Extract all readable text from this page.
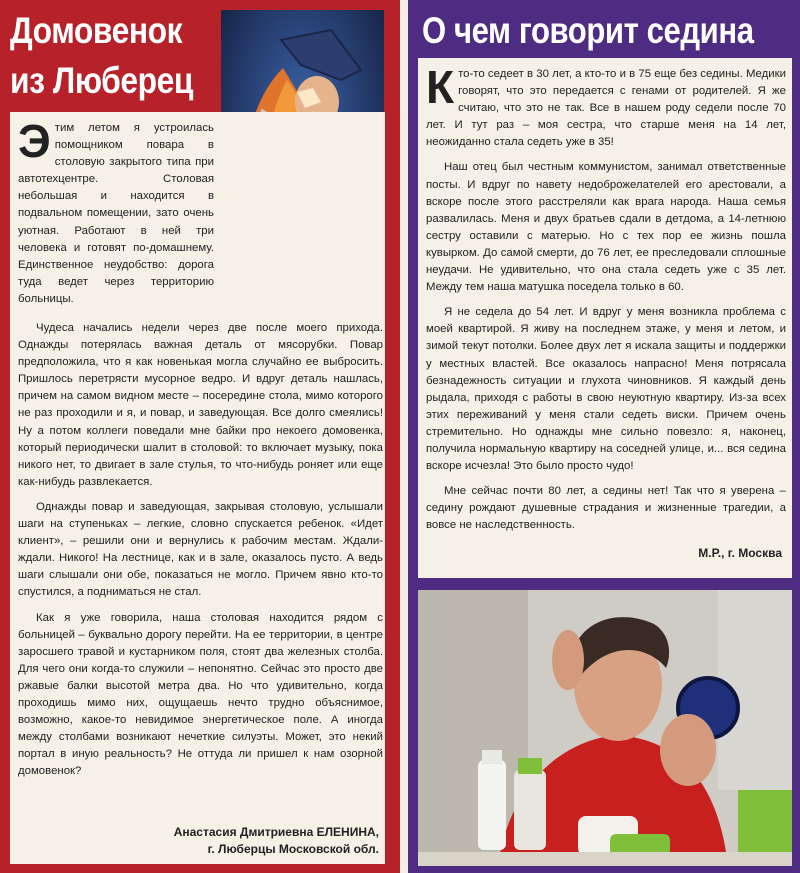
Домовенок
из Люберец
Этим летом я устроилась помощником повара в столовую закрытого типа при автотехцентре. Столовая небольшая и находится в подвальном помещении, зато очень уютная. Работают в ней три человека и готовят по-домашнему. Единственное неудобство: дорога туда ведет через территорию больницы.

Чудеса начались недели через две после моего прихода. Однажды потерялась важная деталь от мясорубки. Повар предположила, что я как новенькая могла случайно ее выбросить. Пришлось перетрясти мусорное ведро. И вдруг деталь нашлась, причем на самом видном месте – посередине стола, мимо которого не раз проходили и я, и повар, и заведующая. Все долго смеялись! Ну а потом коллеги поведали мне байки про некоего домовенка, который периодически шалит в столовой: то включает музыку, пока никого нет, то двигает в зале стулья, то что-нибудь роняет или еще как-нибудь развлекается.

Однажды повар и заведующая, закрывая столовую, услышали шаги на ступеньках – легкие, словно спускается ребенок. «Идет клиент», – решили они и вернулись к рабочим местам. Ждали-ждали. Никого! На лестнице, как и в зале, оказалось пусто. А ведь шаги слышали они обе, показаться не могло. Причем явно кто-то спустился, а подниматься не стал.

Как я уже говорила, наша столовая находится рядом с больницей – буквально дорогу перейти. На ее территории, в центре заросшего травой и кустарником поля, стоят два железных столба. Для чего они когда-то служили – непонятно. Сейчас это просто две ржавые балки высотой метра два. Но что удивительно, когда проходишь мимо них, ощущаешь нечто трудно объяснимое, возможно, какое-то невидимое энергетическое поле. А иногда между столбами возникают нечеткие силуэты. Может, это некий портал в иную реальность? Не оттуда ли пришел к нам озорной домовенок?

Анастасия Дмитриевна ЕЛЕНИНА,
г. Люберцы Московской обл.
О чем говорит седина

Кто-то седеет в 30 лет, а кто-то и в 75 еще без седины. Медики говорят, что это передается с генами от родителей. Я же считаю, что это не так. Все в нашем роду седели после 70 лет. И тут раз – моя сестра, что старше меня на 14 лет, неожиданно стала седеть уже в 35!

Наш отец был честным коммунистом, занимал ответственные посты. И вдруг по навету недоброжелателей его арестовали, а вскоре после этого расстреляли как врага народа. Наша семья развалилась. Меня и двух братьев сдали в детдома, а 14-летнюю сестру оставили с матерью. Но с тех пор ее жизнь пошла кувырком. До самой смерти, до 76 лет, ее преследовали сплошные неудачи. Не удивительно, что она стала седеть уже с 35 лет. Между тем наша матушка поседела только в 60.

Я не седела до 54 лет. И вдруг у меня возникла проблема с моей квартирой. Я живу на последнем этаже, у меня и летом, и зимой текут потолки. Более двух лет я искала защиты и поддержки у местных властей. Все оказалось напрасно! Меня потрясала безнадежность ситуации и глухота чиновников. Я каждый день рыдала, приходя с работы в свою неуютную квартиру. Из-за всех этих переживаний у меня стали седеть виски. Причем очень стремительно. Но однажды мне сильно повезло: я, наконец, получила нормальную квартиру на соседней улице, и... вся седина вскоре исчезла! Это было просто чудо!

Мне сейчас почти 80 лет, а седины нет! Так что я уверена – седину рождают душевные страдания и жизненные трагедии, а вовсе не наследственность.

М.Р., г. Москва
